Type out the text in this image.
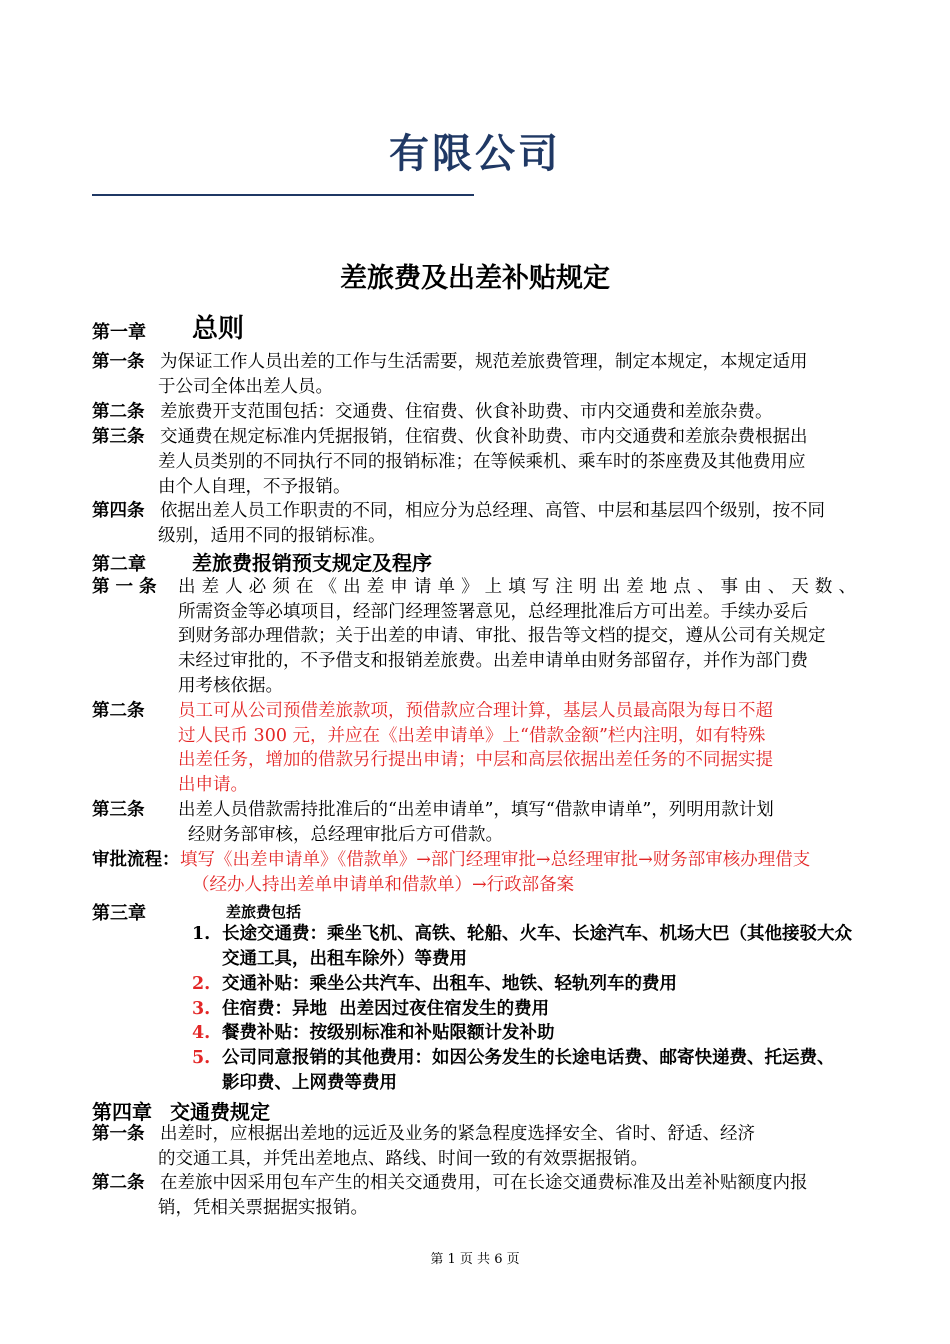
有限公司
差旅费及出差补贴规定
第一章 总则
第一条 为保证工作人员出差的工作与生活需要，规范差旅费管理，制定本规定，本规定适用
于公司全体出差人员。
第二条 差旅费开支范围包括：交通费、住宿费、伙食补助费、市内交通费和差旅杂费。
第三条 交通费在规定标准内凭据报销，住宿费、伙食补助费、市内交通费和差旅杂费根据出
差人员类别的不同执行不同的报销标准；在等候乘机、乘车时的茶座费及其他费用应
由个人自理，不予报销。
第四条 依据出差人员工作职责的不同，相应分为总经理、高管、中层和基层四个级别，按不同
级别，适用不同的报销标准。
第二章 差旅费报销预支规定及程序
第一条 出差人必须在《出差申请单》上填写注明出差地点、事由、天数、
所需资金等必填项目，经部门经理签署意见，总经理批准后方可出差。手续办妥后
到财务部办理借款；关于出差的申请、审批、报告等文档的提交，遵从公司有关规定
未经过审批的，不予借支和报销差旅费。出差申请单由财务部留存，并作为部门费
用考核依据。
第二条 员工可从公司预借差旅款项，预借款应合理计算，基层人员最高限为每日不超
过人民币 300 元，并应在《出差申请单》上“借款金额”栏内注明，如有特殊
出差任务，增加的借款另行提出申请；中层和高层依据出差任务的不同据实提
出申请。
第三条 出差人员借款需持批准后的“出差申请单”，填写“借款申请单”，列明用款计划
经财务部审核，总经理审批后方可借款。
审批流程： 填写《出差申请单》《借款单》→部门经理审批→总经理审批→财务部审核办理借支
（经办人持出差单申请单和借款单）→行政部备案
第三章	差旅费包括
1. 长途交通费：乘坐飞机、高铁、轮船、火车、长途汽车、机场大巴（其他接驳大众
交通工具，出租车除外）等费用
2. 交通补贴：乘坐公共汽车、出租车、地铁、轻轨列车的费用
3. 住宿费：异地  出差因过夜住宿发生的费用
4. 餐费补贴：按级别标准和补贴限额计发补助
5. 公司同意报销的其他费用：如因公务发生的长途电话费、邮寄快递费、托运费、
影印费、上网费等费用
第四章 交通费规定
第一条 出差时，应根据出差地的远近及业务的紧急程度选择安全、省时、舒适、经济
的交通工具，并凭出差地点、路线、时间一致的有效票据报销。
第二条 在差旅中因采用包车产生的相关交通费用，可在长途交通费标准及出差补贴额度内报
销，凭相关票据据实报销。
第 1 页 共 6 页
